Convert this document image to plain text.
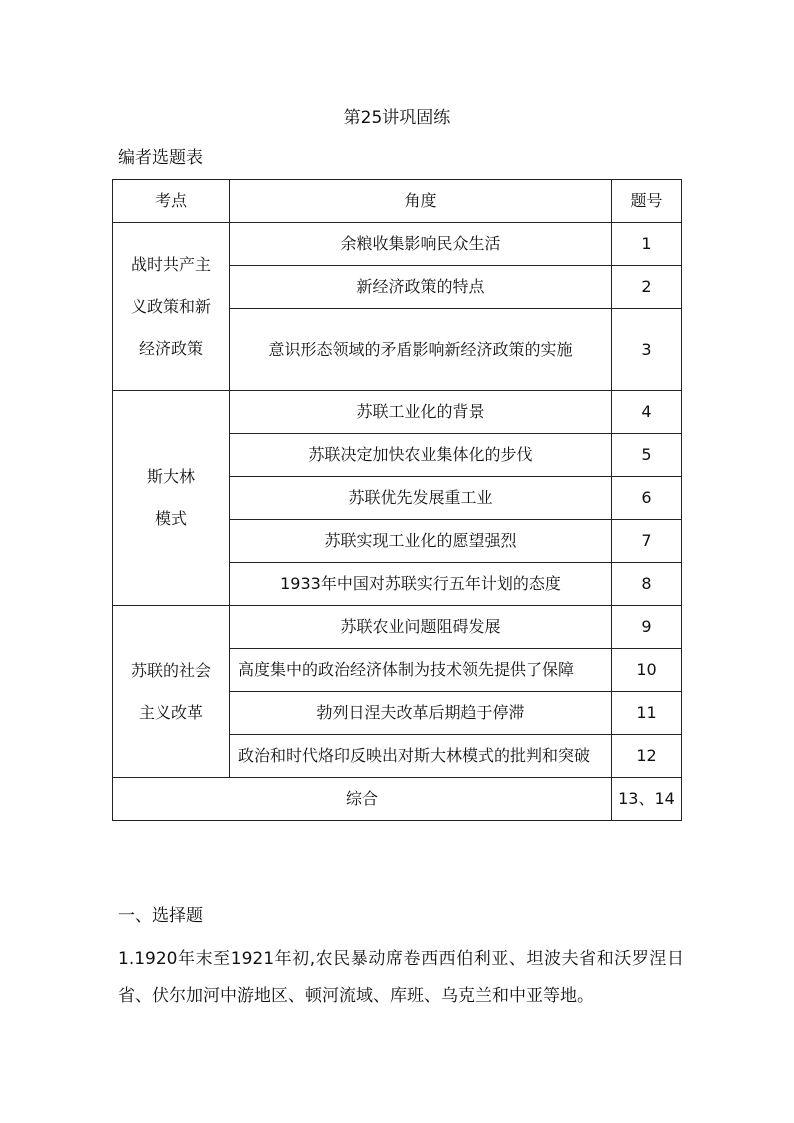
第25讲巩固练
编者选题表
考点	角度	题号

战时共产主义政策和新经济政策	余粮收集影响民众生活	1
	新经济政策的特点	2
	意识形态领域的矛盾影响新经济政策的实施	3

斯大林模式	苏联工业化的背景	4
	苏联决定加快农业集体化的步伐	5
	苏联优先发展重工业	6
	苏联实现工业化的愿望强烈	7
	1933年中国对苏联实行五年计划的态度	8

苏联的社会主义改革	苏联农业问题阻碍发展	9
	高度集中的政治经济体制为技术领先提供了保障	10
	勃列日涅夫改革后期趋于停滞	11
	政治和时代烙印反映出对斯大林模式的批判和突破	12
综合		13、14
一、选择题
1.1920年末至1921年初,农民暴动席卷西西伯利亚、坦波夫省和沃罗涅日省、伏尔加河中游地区、顿河流域、库班、乌克兰和中亚等地。
